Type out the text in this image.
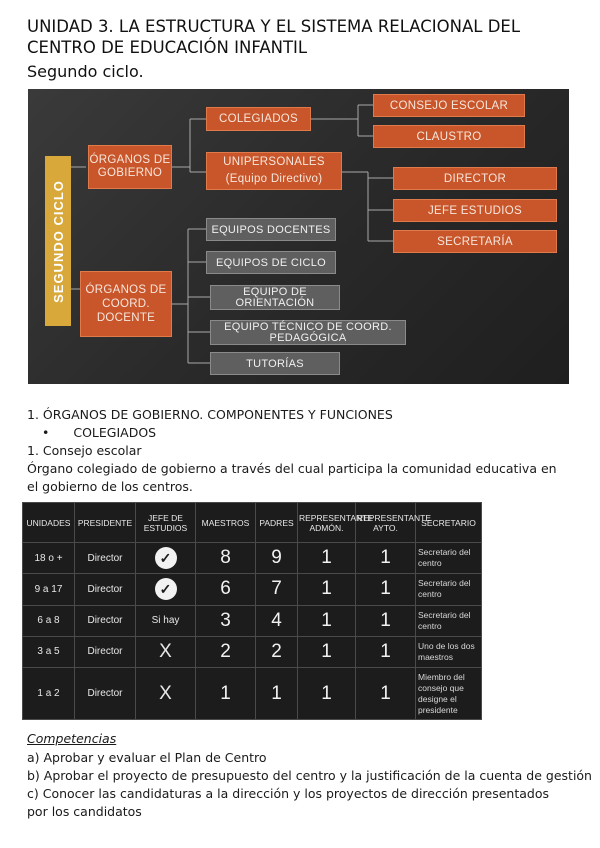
UNIDAD 3. LA ESTRUCTURA Y EL SISTEMA RELACIONAL DEL CENTRO DE EDUCACIÓN INFANTIL
Segundo ciclo.
SEGUNDO CICLO
ÓRGANOS DE GOBIERNO
ÓRGANOS DE COORD. DOCENTE
COLEGIADOS
CONSEJO ESCOLAR
CLAUSTRO
UNIPERSONALES
(Equipo Directivo)	DIRECTOR
JEFE ESTUDIOS
SECRETARÍA
EQUIPOS DOCENTES
EQUIPOS DE CICLO
EQUIPO DE ORIENTACIÓN
EQUIPO TÉCNICO DE COORD. PEDAGÓGICA
TUTORÍAS
1. ÓRGANOS DE GOBIERNO. COMPONENTES Y FUNCIONES
• COLEGIADOS
1. Consejo escolar
Órgano colegiado de gobierno a través del cual participa la comunidad educativa en el gobierno de los centros.
UNIDADES	PRESIDENTE	JEFE DE ESTUDIOS	MAESTROS	PADRES	REPRESENTANTE ADMÓN.	REPRESENTANTE AYTO.	SECRETARIO
18 o +	Director	✓	8	9	1	1	Secretario del centro
9 a 17	Director	✓	6	7	1	1	Secretario del centro
6 a 8	Director	Si hay	3	4	1	1	Secretario del centro
3 a 5	Director	X	2	2	1	1	Uno de los dos maestros
1 a 2	Director	X	1	1	1	1	Miembro del consejo que designe el presidente
Competencias
a) Aprobar y evaluar el Plan de Centro
b) Aprobar el proyecto de presupuesto del centro y la justificación de la cuenta de gestión
c) Conocer las candidaturas a la dirección y los proyectos de dirección presentados por los candidatos
